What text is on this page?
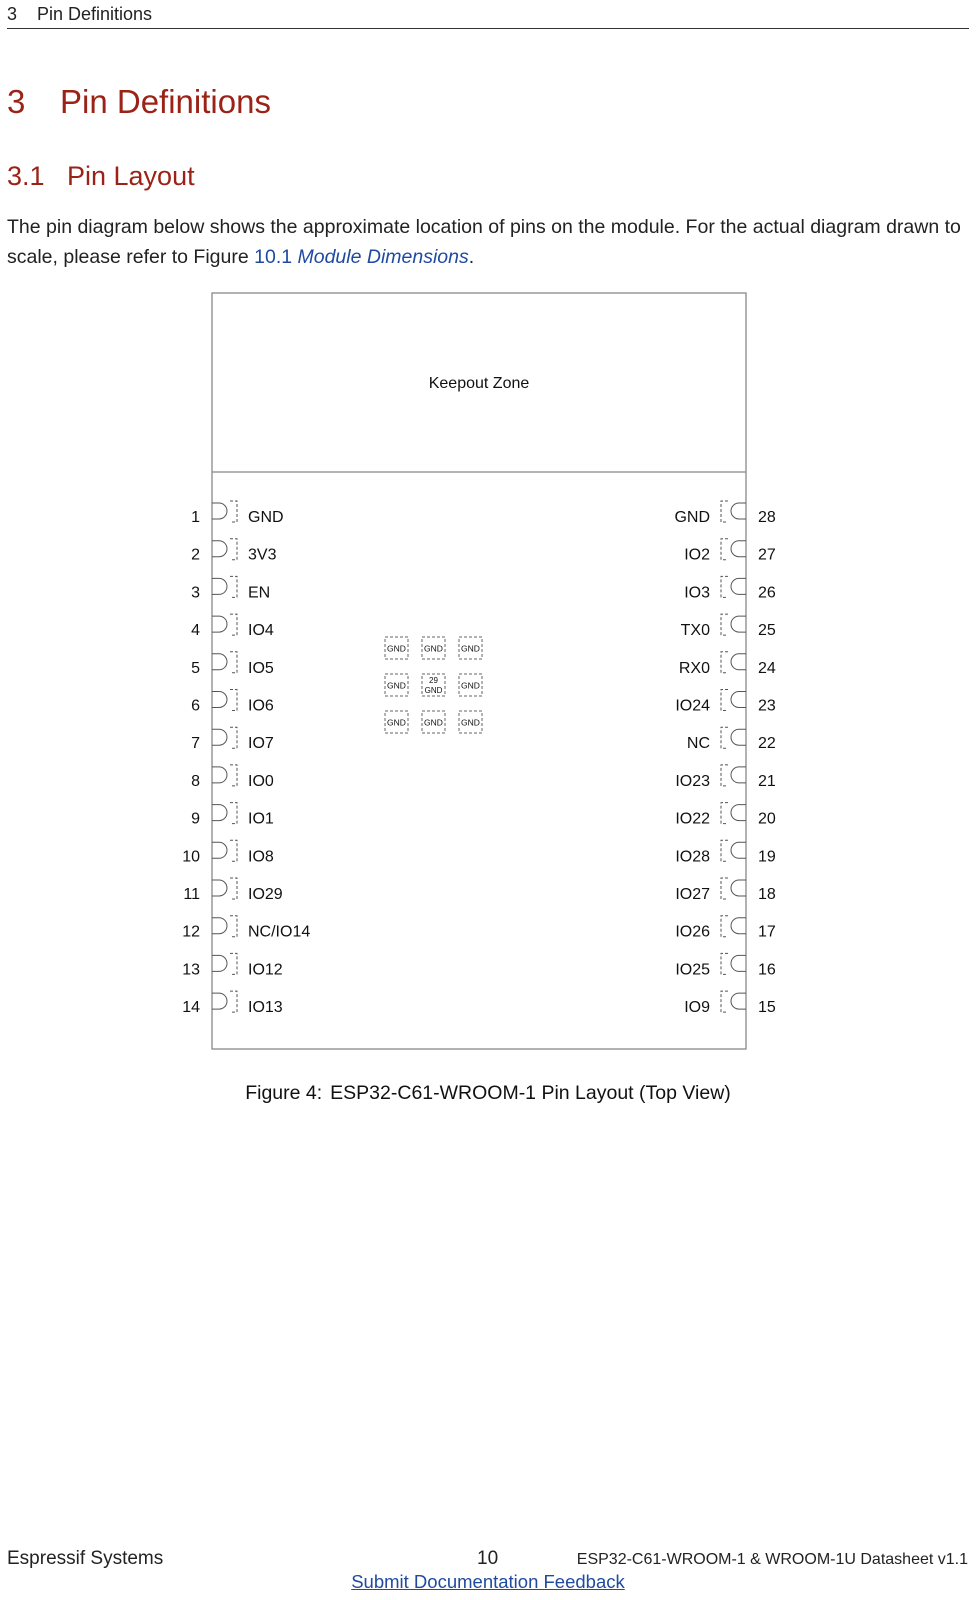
3 Pin Definitions
3 Pin Definitions
3.1 Pin Layout
The pin diagram below shows the approximate location of pins on the module. For the actual diagram drawn to scale, please refer to Figure 10.1 Module Dimensions.
Keepout Zone
1	GND
2	3V3
3	EN
4	IO4
5	IO5
6	IO6
7	IO7
8	IO0
9	IO1
10	IO8
11	IO29
12	NC/IO14
13	IO12
14	IO13
GND	28
IO2	27
IO3	26
TX0	25
RX0	24
IO24	23
NC	22
IO23	21
IO22	20
IO28	19
IO27	18
IO26	17
IO25	16
IO9	15
GND GND GND
GND	29 GND GND
GND GND GND
Figure 4: ESP32-C61-WROOM-1 Pin Layout (Top View)
Espressif Systems	10	ESP32-C61-WROOM-1 & WROOM-1U Datasheet v1.1
Submit Documentation Feedback
